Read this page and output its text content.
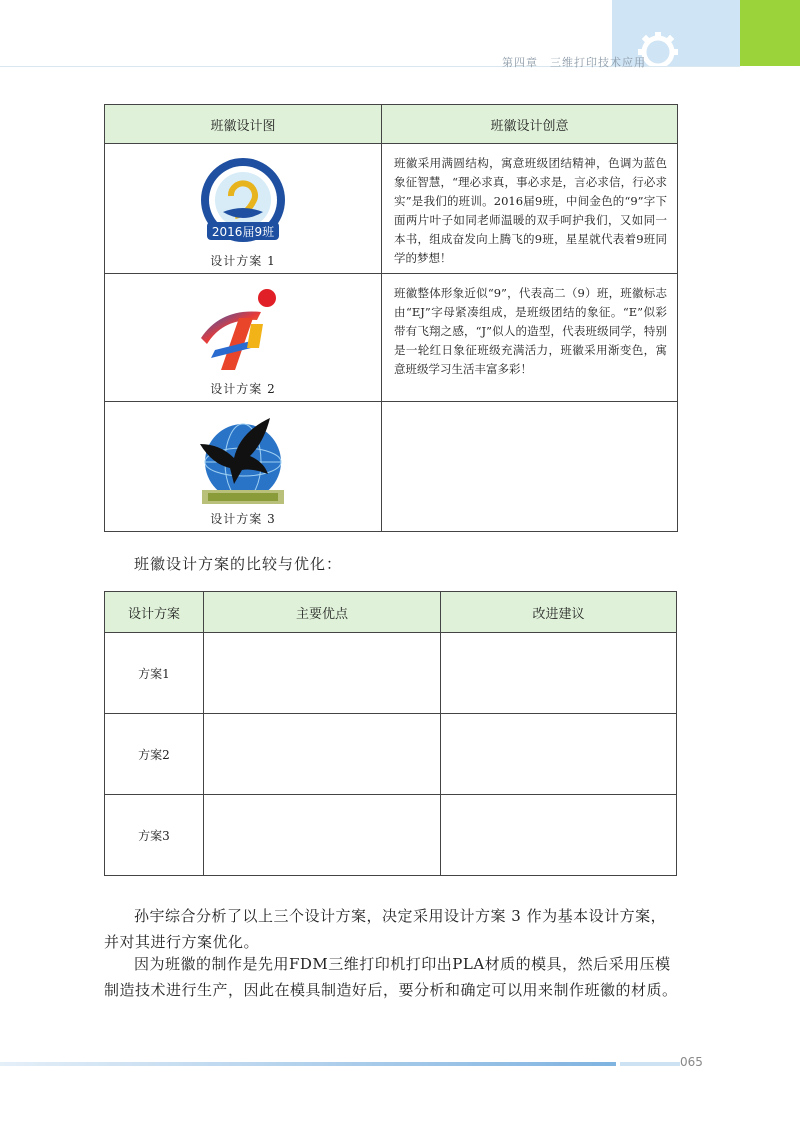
第四章 三维打印技术应用
班徽设计图	班徽设计创意

2016届9班
设计方案 1	班徽采用满圆结构，寓意班级团结精神，色调为蓝色象征智慧，“理必求真，事必求是，言必求信，行必求实”是我们的班训。2016届9班，中间金色的“9”字下面两片叶子如同老师温暖的双手呵护我们，又如同一本书，组成奋发向上腾飞的9班，星星就代表着9班同学的梦想！

设计方案 2	班徽整体形象近似“9”，代表高二（9）班，班徽标志由“EJ”字母紧凑组成，是班级团结的象征。“E”似彩带有飞翔之感，“J”似人的造型，代表班级同学，特别是一轮红日象征班级充满活力，班徽采用渐变色，寓意班级学习生活丰富多彩！

设计方案 3	

班徽设计方案的比较与优化：
设计方案	主要优点	改进建议
方案1		
方案2		
方案3		

孙宇综合分析了以上三个设计方案，决定采用设计方案 3 作为基本设计方案，并对其进行方案优化。

因为班徽的制作是先用FDM三维打印机打印出PLA材质的模具，然后采用压模制造技术进行生产，因此在模具制造好后，要分析和确定可以用来制作班徽的材质。

065
